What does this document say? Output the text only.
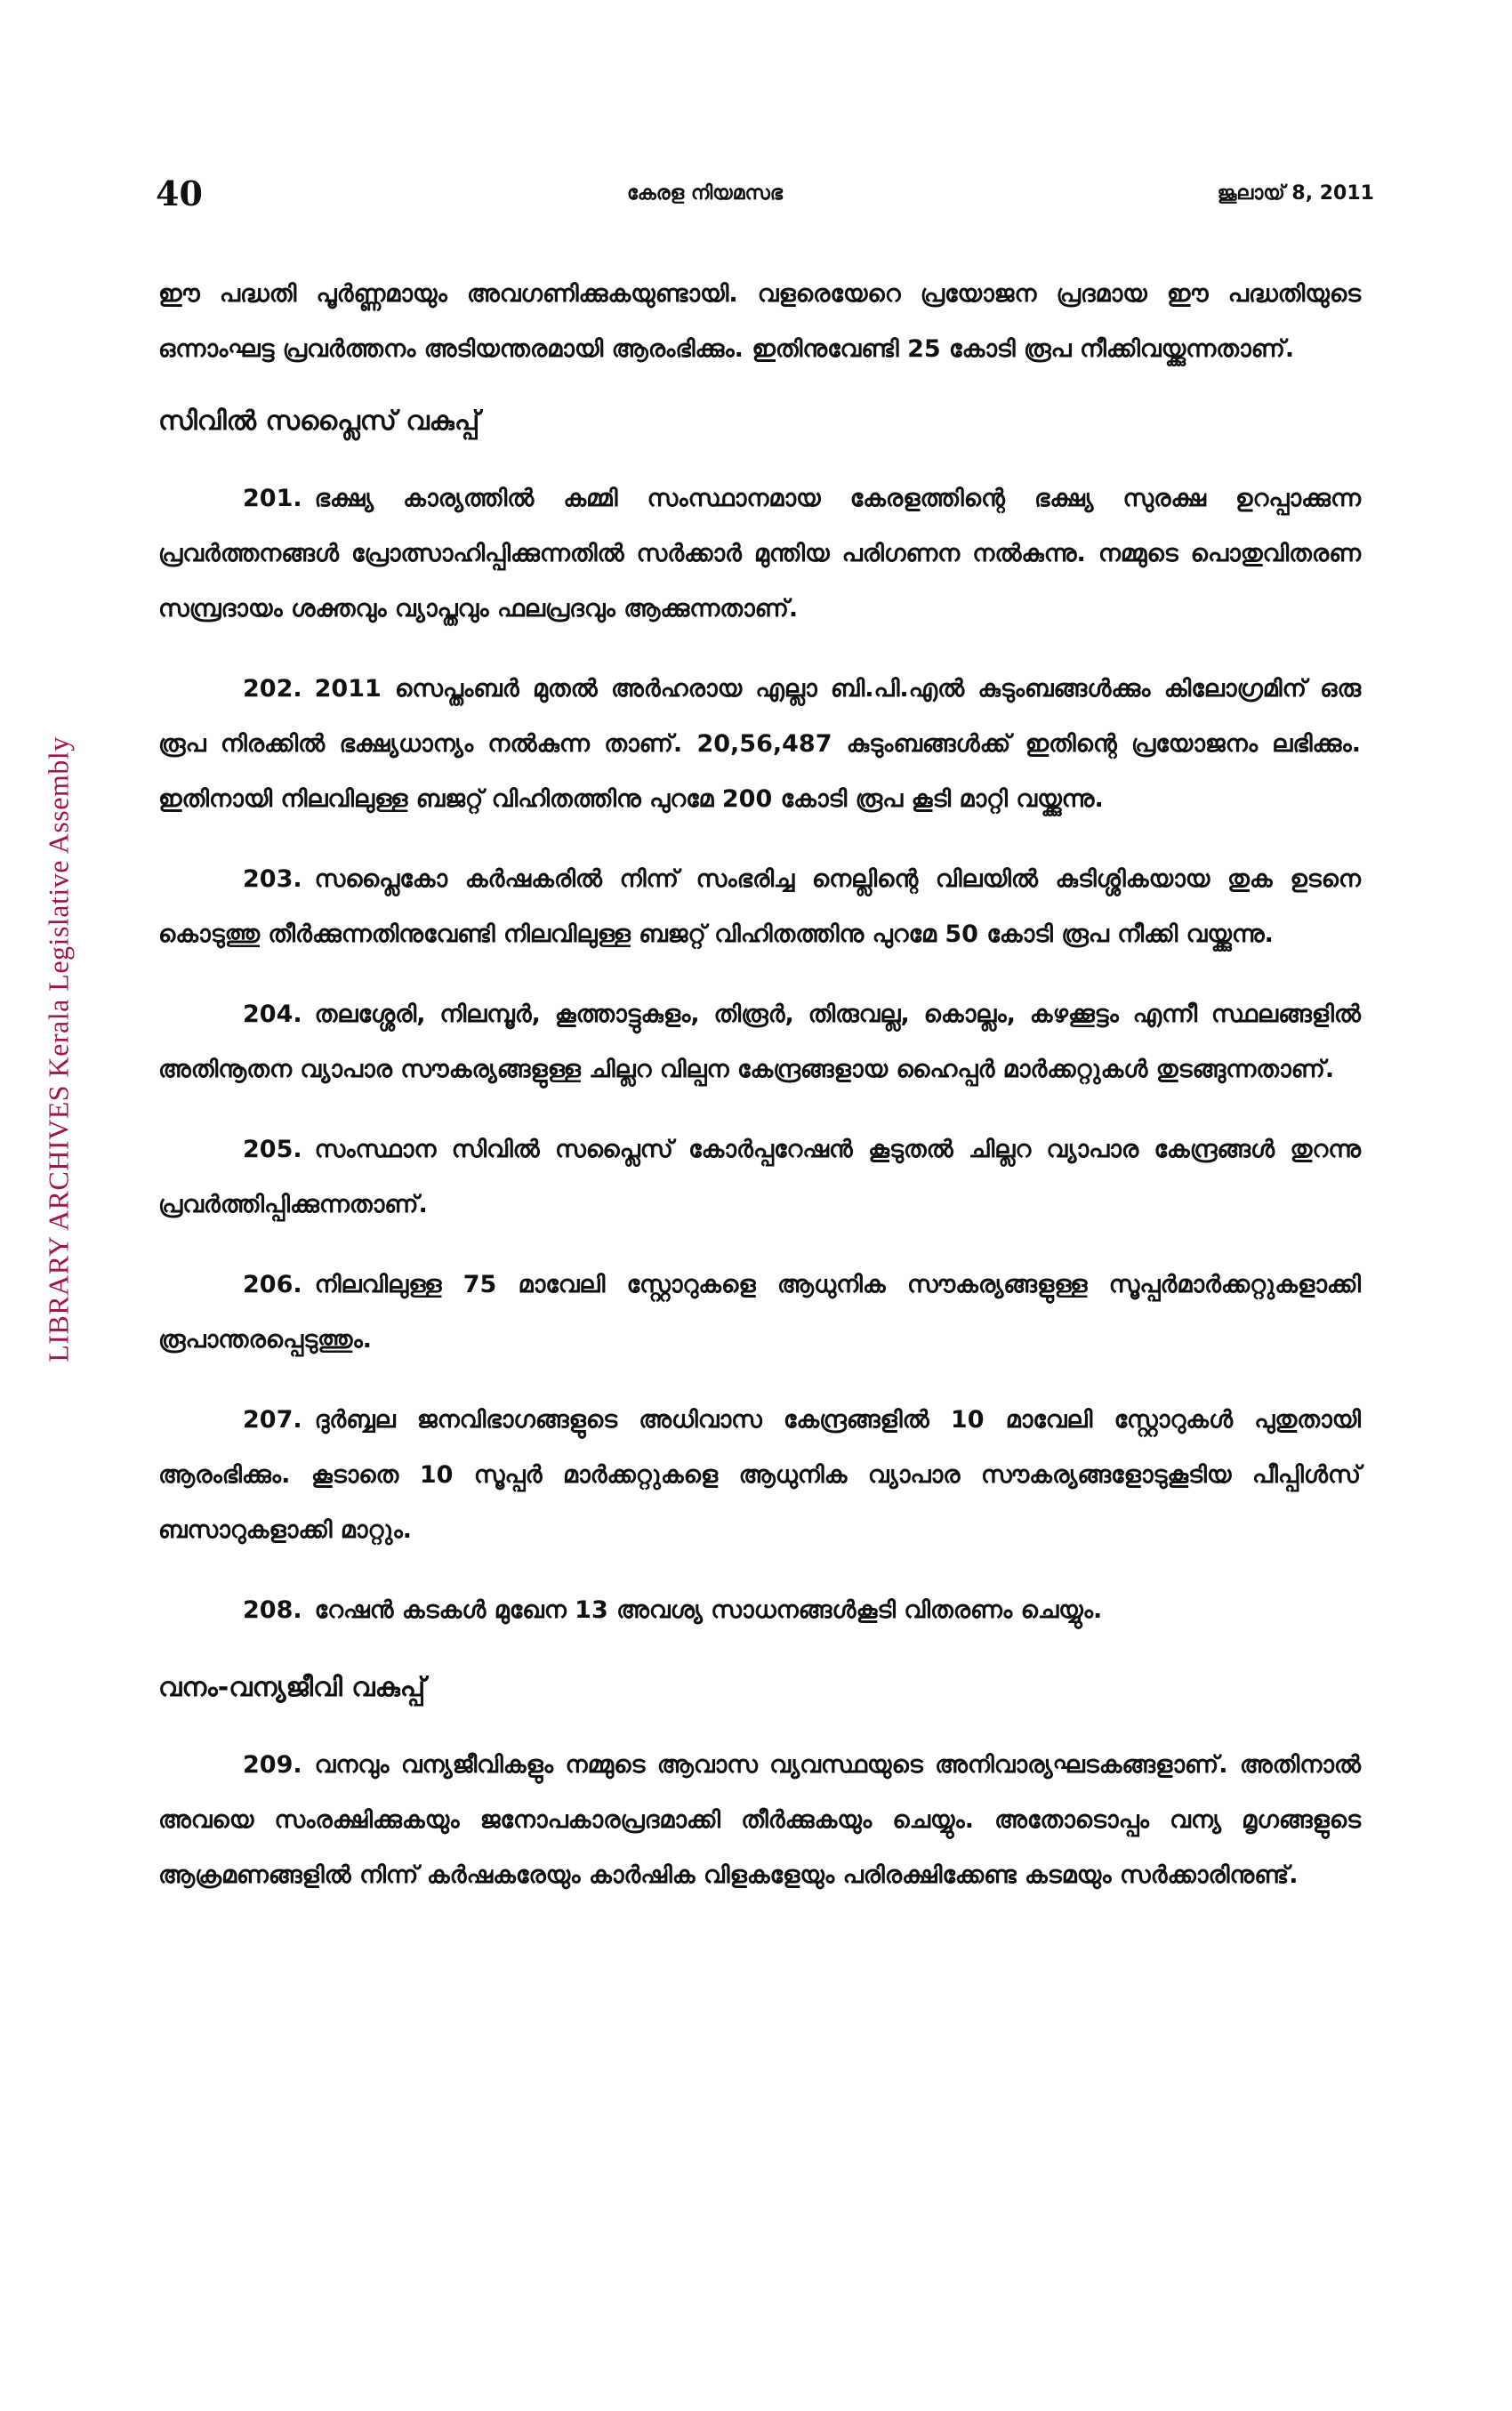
40	കേരള നിയമസഭ	ജൂലായ് 8, 2011
LIBRARY ARCHIVES Kerala Legislative Assembly

ഈ പദ്ധതി പൂർണ്ണമായും അവഗണിക്കുകയുണ്ടായി. വളരെയേറെ പ്രയോജന പ്രദമായ ഈ പദ്ധതിയുടെ ഒന്നാംഘട്ട പ്രവർത്തനം അടിയന്തരമായി ആരംഭിക്കും. ഇതിനുവേണ്ടി 25 കോടി രൂപ നീക്കിവയ്ക്കുന്നതാണ്.

സിവിൽ സപ്ലൈസ് വകുപ്പ്

201. ഭക്ഷ്യ കാര്യത്തിൽ കമ്മി സംസ്ഥാനമായ കേരളത്തിന്റെ ഭക്ഷ്യ സുരക്ഷ ഉറപ്പാക്കുന്ന പ്രവർത്തനങ്ങൾ പ്രോത്സാഹിപ്പിക്കുന്നതിൽ സർക്കാർ മുന്തിയ പരിഗണന നൽകുന്നു. നമ്മുടെ പൊതുവിതരണ സമ്പ്രദായം ശക്തവും വ്യാപ്തവും ഫലപ്രദവും ആക്കുന്നതാണ്.

202. 2011 സെപ്തംബർ മുതൽ അർഹരായ എല്ലാ ബി.പി.എൽ കുടുംബങ്ങൾക്കും കിലോഗ്രമിന് ഒരു രൂപ നിരക്കിൽ ഭക്ഷ്യധാന്യം നൽകുന്ന താണ്. 20,56,487 കുടുംബങ്ങൾക്ക് ഇതിന്റെ പ്രയോജനം ലഭിക്കും. ഇതിനായി നിലവിലുള്ള ബജറ്റ് വിഹിതത്തിനു പുറമേ 200 കോടി രൂപ കൂടി മാറ്റി വയ്ക്കുന്നു.

203. സപ്ലൈകോ കർഷകരിൽ നിന്ന് സംഭരിച്ച നെല്ലിന്റെ വിലയിൽ കുടിശ്ശികയായ തുക ഉടനെ കൊടുത്തു തീർക്കുന്നതിനുവേണ്ടി നിലവിലുള്ള ബജറ്റ് വിഹിതത്തിനു പുറമേ 50 കോടി രൂപ നീക്കി വയ്ക്കുന്നു.

204. തലശ്ശേരി, നിലമ്പൂർ, കൂത്താട്ടുകുളം, തിരൂർ, തിരുവല്ല, കൊല്ലം, കഴക്കൂട്ടം എന്നീ സ്ഥലങ്ങളിൽ അതിനൂതന വ്യാപാര സൗകര്യങ്ങളുള്ള ചില്ലറ വില്പന കേന്ദ്രങ്ങളായ ഹൈപ്പർ മാർക്കറ്റുകൾ തുടങ്ങുന്നതാണ്.

205. സംസ്ഥാന സിവിൽ സപ്ലൈസ് കോർപ്പറേഷൻ കൂടുതൽ ചില്ലറ വ്യാപാര കേന്ദ്രങ്ങൾ തുറന്നു പ്രവർത്തിപ്പിക്കുന്നതാണ്.

206. നിലവിലുള്ള 75 മാവേലി സ്റ്റോറുകളെ ആധുനിക സൗകര്യങ്ങളുള്ള സൂപ്പർമാർക്കറ്റുകളാക്കി രൂപാന്തരപ്പെടുത്തും.

207. ദുർബ്ബല ജനവിഭാഗങ്ങളുടെ അധിവാസ കേന്ദ്രങ്ങളിൽ 10 മാവേലി സ്റ്റോറുകൾ പുതുതായി ആരംഭിക്കും. കൂടാതെ 10 സൂപ്പർ മാർക്കറ്റുകളെ ആധുനിക വ്യാപാര സൗകര്യങ്ങളോടുകൂടിയ പീപ്പിൾസ് ബസാറുകളാക്കി മാറ്റും.

208. റേഷൻ കടകൾ മുഖേന 13 അവശ്യ സാധനങ്ങൾകൂടി വിതരണം ചെയ്യും.

വനം-വന്യജീവി വകുപ്പ്

209. വനവും വന്യജീവികളും നമ്മുടെ ആവാസ വ്യവസ്ഥയുടെ അനിവാര്യഘടകങ്ങളാണ്. അതിനാൽ അവയെ സംരക്ഷിക്കുകയും ജനോപകാരപ്രദമാക്കി തീർക്കുകയും ചെയ്യും. അതോടൊപ്പം വന്യ മൃഗങ്ങളുടെ ആക്രമണങ്ങളിൽ നിന്ന് കർഷകരേയും കാർഷിക വിളകളേയും പരിരക്ഷിക്കേണ്ട കടമയും സർക്കാരിനുണ്ട്.
